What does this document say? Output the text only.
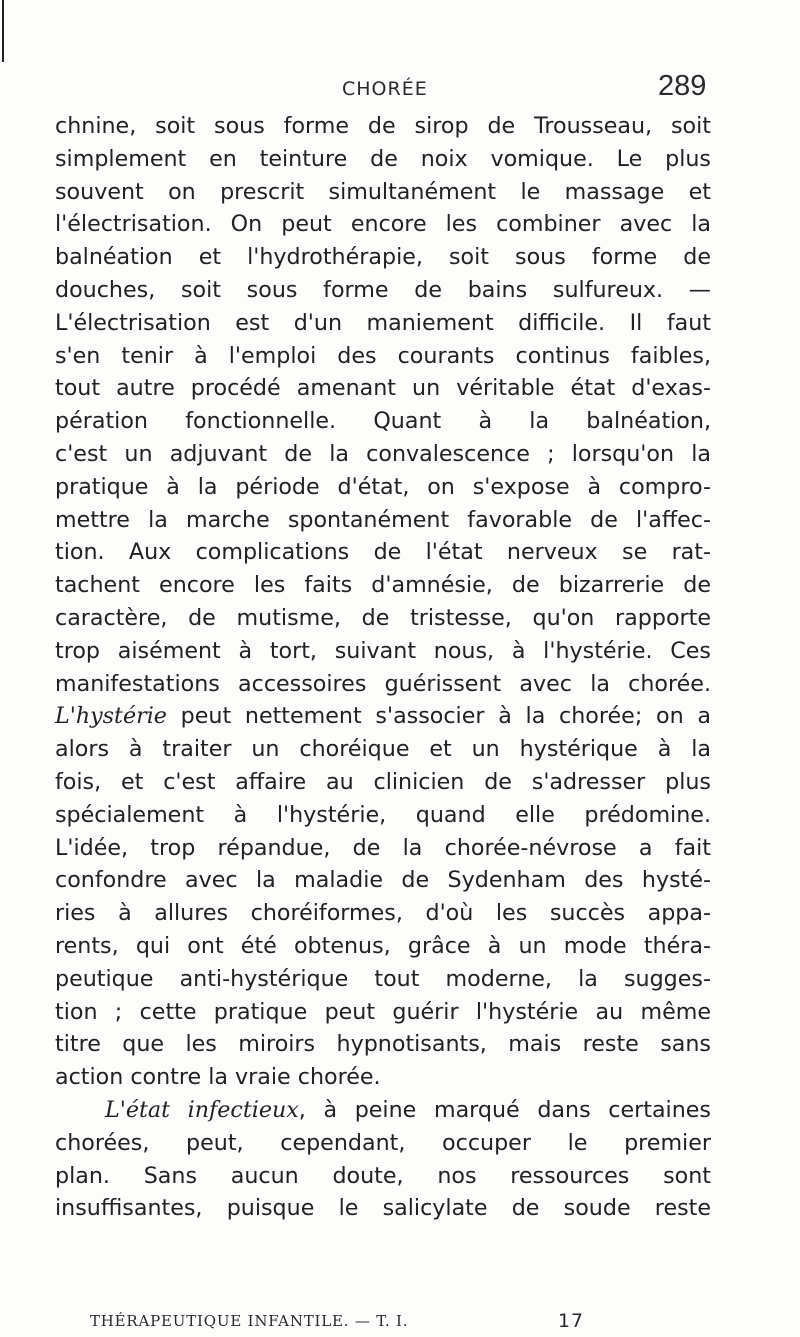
CHORÉE	289
chnine, soit sous forme de sirop de Trousseau, soit
simplement en teinture de noix vomique. Le plus
souvent on prescrit simultanément le massage et
l'électrisation. On peut encore les combiner avec la
balnéation et l'hydrothérapie, soit sous forme de
douches, soit sous forme de bains sulfureux. —
L'électrisation est d'un maniement difficile. Il faut
s'en tenir à l'emploi des courants continus faibles,
tout autre procédé amenant un véritable état d'exas-
pération fonctionnelle. Quant à la balnéation,
c'est un adjuvant de la convalescence ; lorsqu'on la
pratique à la période d'état, on s'expose à compro-
mettre la marche spontanément favorable de l'affec-
tion. Aux complications de l'état nerveux se rat-
tachent encore les faits d'amnésie, de bizarrerie de
caractère, de mutisme, de tristesse, qu'on rapporte
trop aisément à tort, suivant nous, à l'hystérie. Ces
manifestations accessoires guérissent avec la chorée.
L'hystérie peut nettement s'associer à la chorée; on a
alors à traiter un choréique et un hystérique à la
fois, et c'est affaire au clinicien de s'adresser plus
spécialement à l'hystérie, quand elle prédomine.
L'idée, trop répandue, de la chorée-névrose a fait
confondre avec la maladie de Sydenham des hysté-
ries à allures choréiformes, d'où les succès appa-
rents, qui ont été obtenus, grâce à un mode théra-
peutique anti-hystérique tout moderne, la sugges-
tion ; cette pratique peut guérir l'hystérie au même
titre que les miroirs hypnotisants, mais reste sans
action contre la vraie chorée.
L'état infectieux, à peine marqué dans certaines
chorées, peut, cependant, occuper le premier
plan. Sans aucun doute, nos ressources sont
insuffisantes, puisque le salicylate de soude reste
THÉRAPEUTIQUE INFANTILE. — T. I.	17
